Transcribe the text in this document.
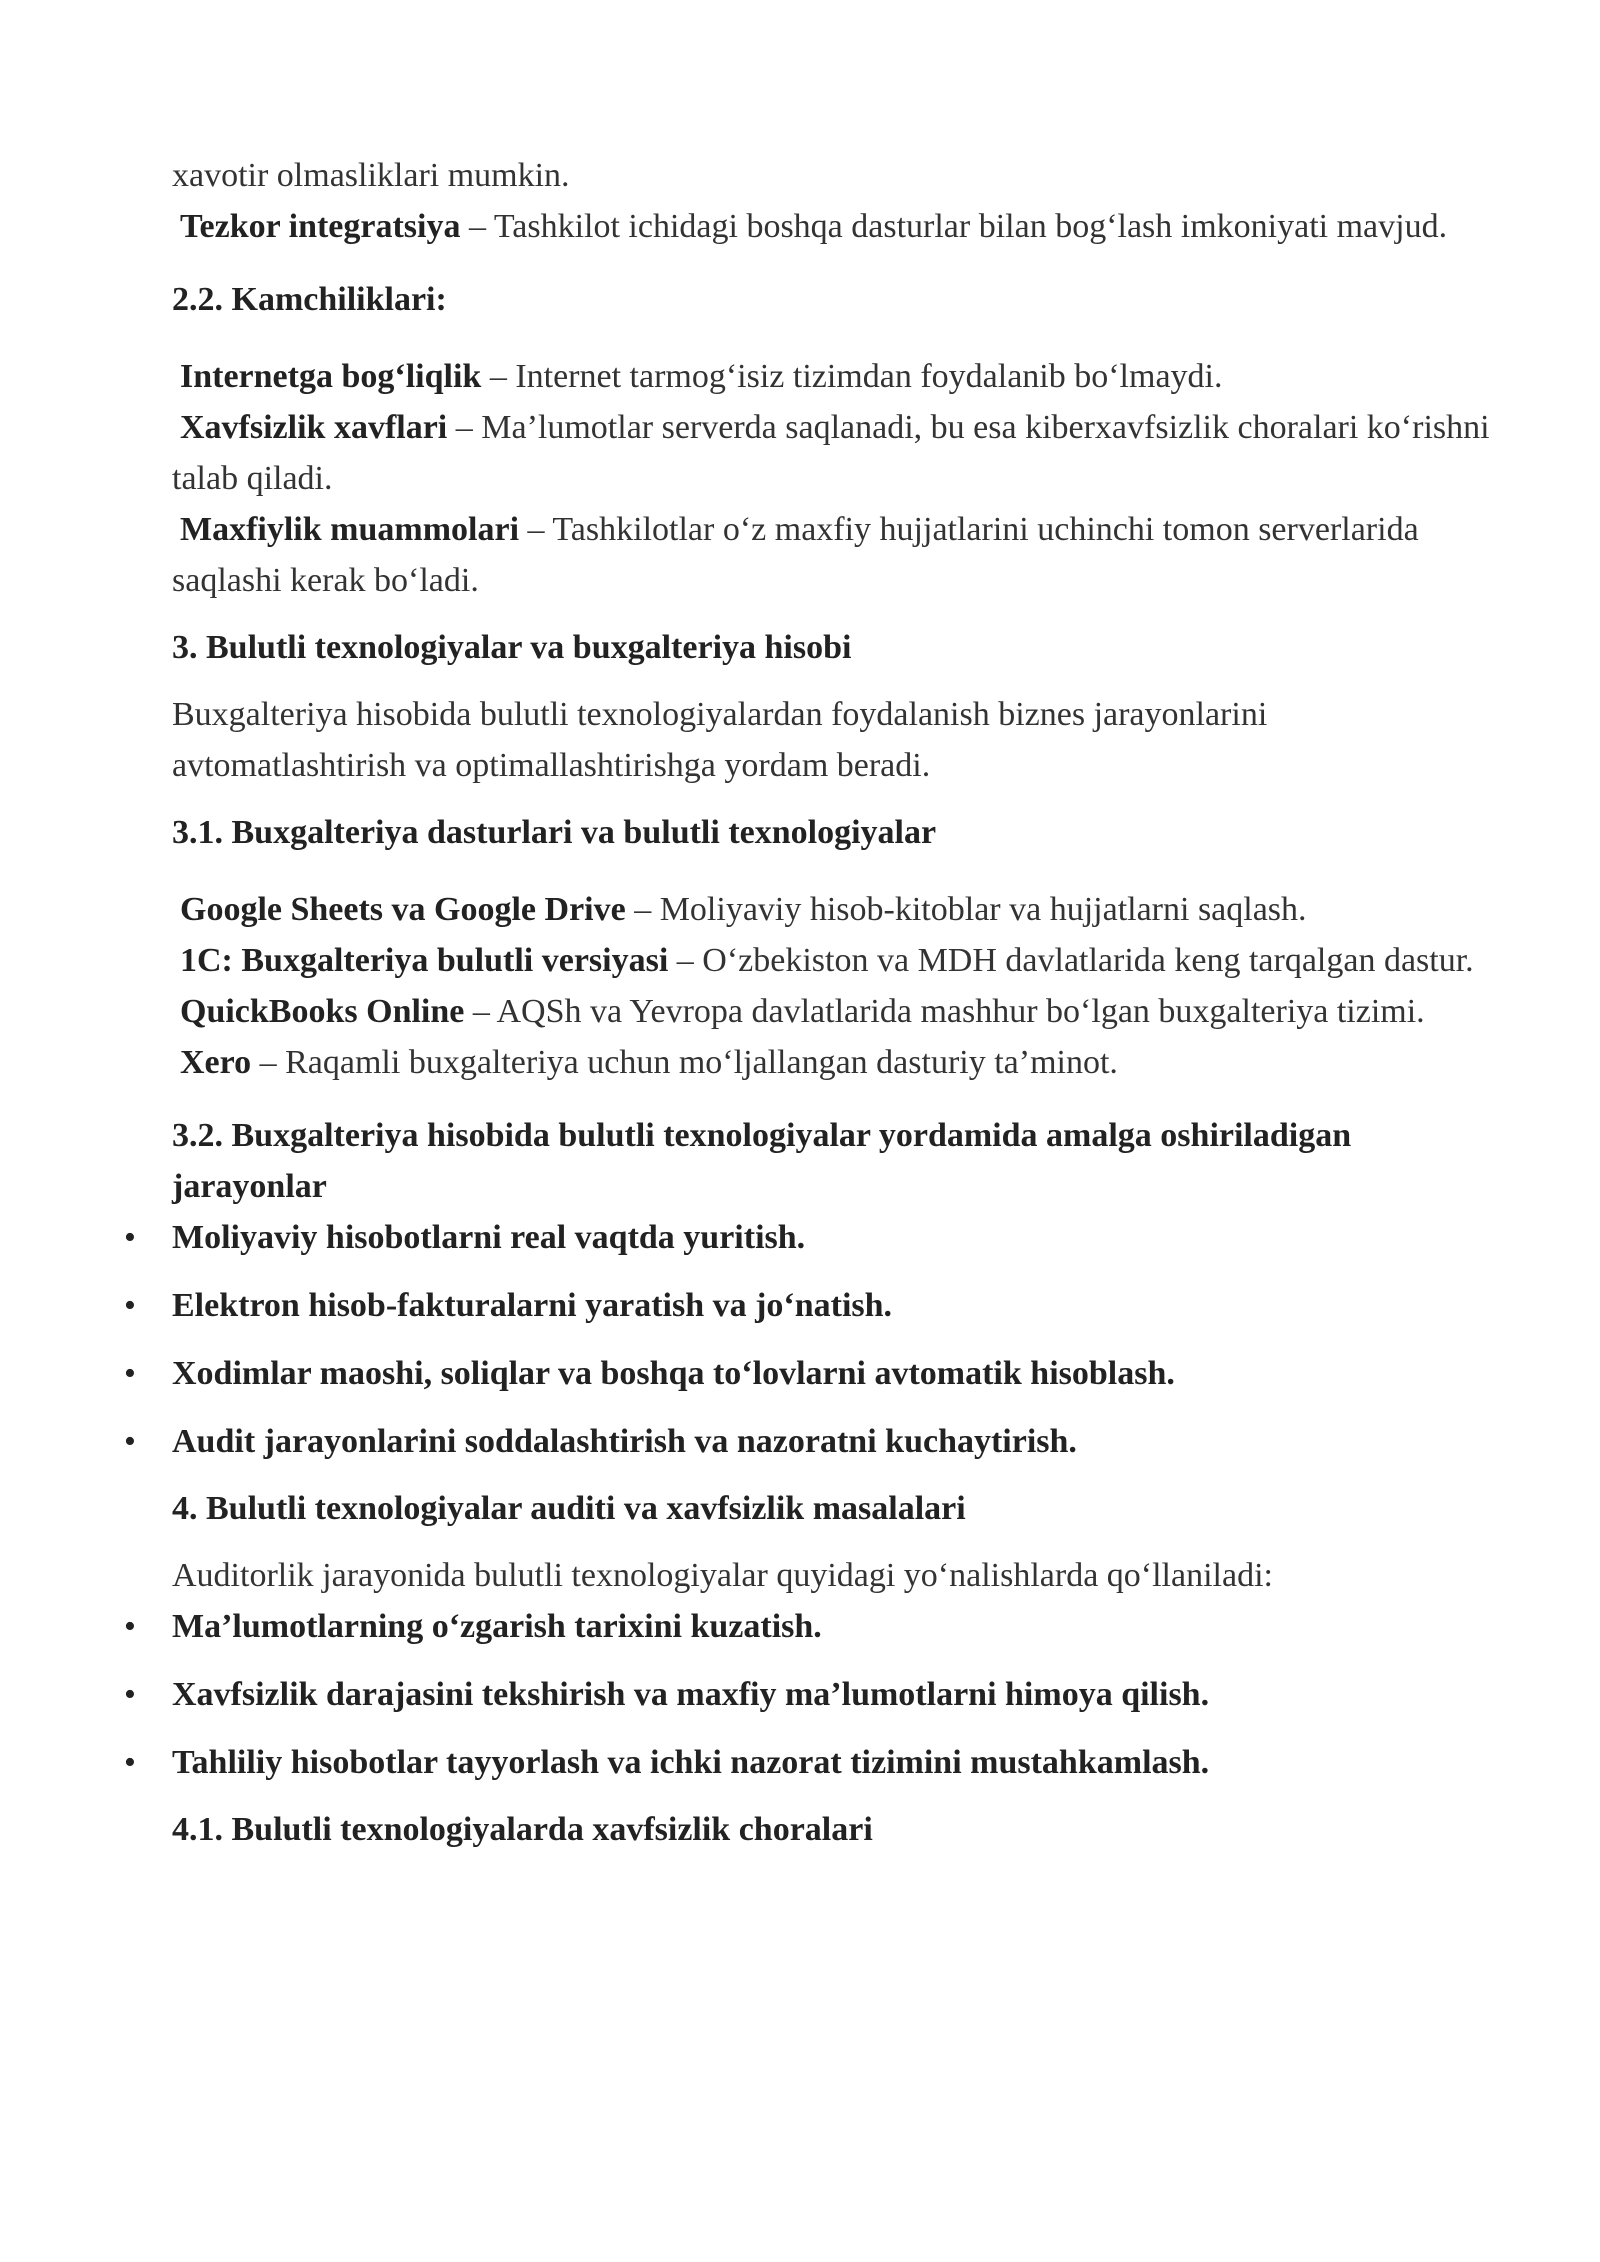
xavotir olmasliklari mumkin.

Tezkor integratsiya – Tashkilot ichidagi boshqa dasturlar bilan bog‘lash imkoniyati mavjud.

2.2. Kamchiliklari:

Internetga bog‘liqlik – Internet tarmog‘isiz tizimdan foydalanib bo‘lmaydi.

Xavfsizlik xavflari – Ma’lumotlar serverda saqlanadi, bu esa kiberxavfsizlik choralari ko‘rishni talab qiladi.

Maxfiylik muammolari – Tashkilotlar o‘z maxfiy hujjatlarini uchinchi tomon serverlarida saqlashi kerak bo‘ladi.

3. Bulutli texnologiyalar va buxgalteriya hisobi

Buxgalteriya hisobida bulutli texnologiyalardan foydalanish biznes jarayonlarini avtomatlashtirish va optimallashtirishga yordam beradi.

3.1. Buxgalteriya dasturlari va bulutli texnologiyalar

Google Sheets va Google Drive – Moliyaviy hisob-kitoblar va hujjatlarni saqlash.

1C: Buxgalteriya bulutli versiyasi – O‘zbekiston va MDH davlatlarida keng tarqalgan dastur.

QuickBooks Online – AQSh va Yevropa davlatlarida mashhur bo‘lgan buxgalteriya tizimi.

Xero – Raqamli buxgalteriya uchun mo‘ljallangan dasturiy ta’minot.

3.2. Buxgalteriya hisobida bulutli texnologiyalar yordamida amalga oshiriladigan jarayonlar

• Moliyaviy hisobotlarni real vaqtda yuritish.
• Elektron hisob-fakturalarni yaratish va jo‘natish.
• Xodimlar maoshi, soliqlar va boshqa to‘lovlarni avtomatik hisoblash.
• Audit jarayonlarini soddalashtirish va nazoratni kuchaytirish.

4. Bulutli texnologiyalar auditi va xavfsizlik masalalari

Auditorlik jarayonida bulutli texnologiyalar quyidagi yo‘nalishlarda qo‘llaniladi:

• Ma’lumotlarning o‘zgarish tarixini kuzatish.
• Xavfsizlik darajasini tekshirish va maxfiy ma’lumotlarni himoya qilish.
• Tahliliy hisobotlar tayyorlash va ichki nazorat tizimini mustahkamlash.

4.1. Bulutli texnologiyalarda xavfsizlik choralari
